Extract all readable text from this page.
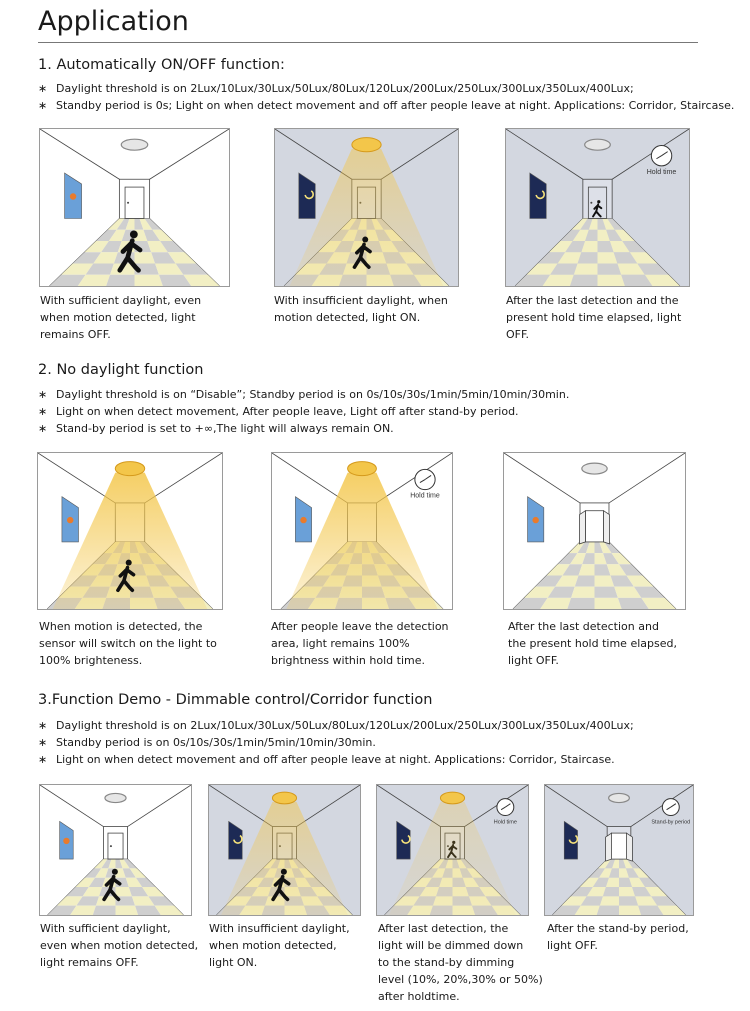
Application
1. Automatically ON/OFF function:
∗ Daylight threshold is on 2Lux/10Lux/30Lux/50Lux/80Lux/120Lux/200Lux/250Lux/300Lux/350Lux/400Lux;
∗ Standby period is 0s; Light on when detect movement and off after people leave at night. Applications: Corridor, Staircase.
Hold time
With sufficient daylight, even
when motion detected, light
remains OFF.
With insufficient daylight, when
motion detected, light ON.
After the last detection and the
present hold time elapsed, light
OFF.
2. No daylight function
∗ Daylight threshold is on “Disable”; Standby period is on 0s/10s/30s/1min/5min/10min/30min.
∗ Light on when detect movement, After people leave, Light off after stand-by period.
∗ Stand-by period is set to +∞,The light will always remain ON.
Hold time
When motion is detected, the
sensor will switch on the light to
100% brighteness.
After people leave the detection
area, light remains 100%
brightness within hold time.
After the last detection and
the present hold time elapsed,
light OFF.
3.Function Demo - Dimmable control/Corridor function
∗ Daylight threshold is on 2Lux/10Lux/30Lux/50Lux/80Lux/120Lux/200Lux/250Lux/300Lux/350Lux/400Lux;
∗ Standby period is on 0s/10s/30s/1min/5min/10min/30min.
∗ Light on when detect movement and off after people leave at night. Applications: Corridor, Staircase.
Hold time	Stand-by period
With sufficient daylight,
even when motion detected,
light remains OFF.
With insufficient daylight,
when motion detected,
light ON.
After last detection, the
light will be dimmed down
to the stand-by dimming
level (10%, 20%,30% or 50%)
after holdtime.
After the stand-by period,
light OFF.
